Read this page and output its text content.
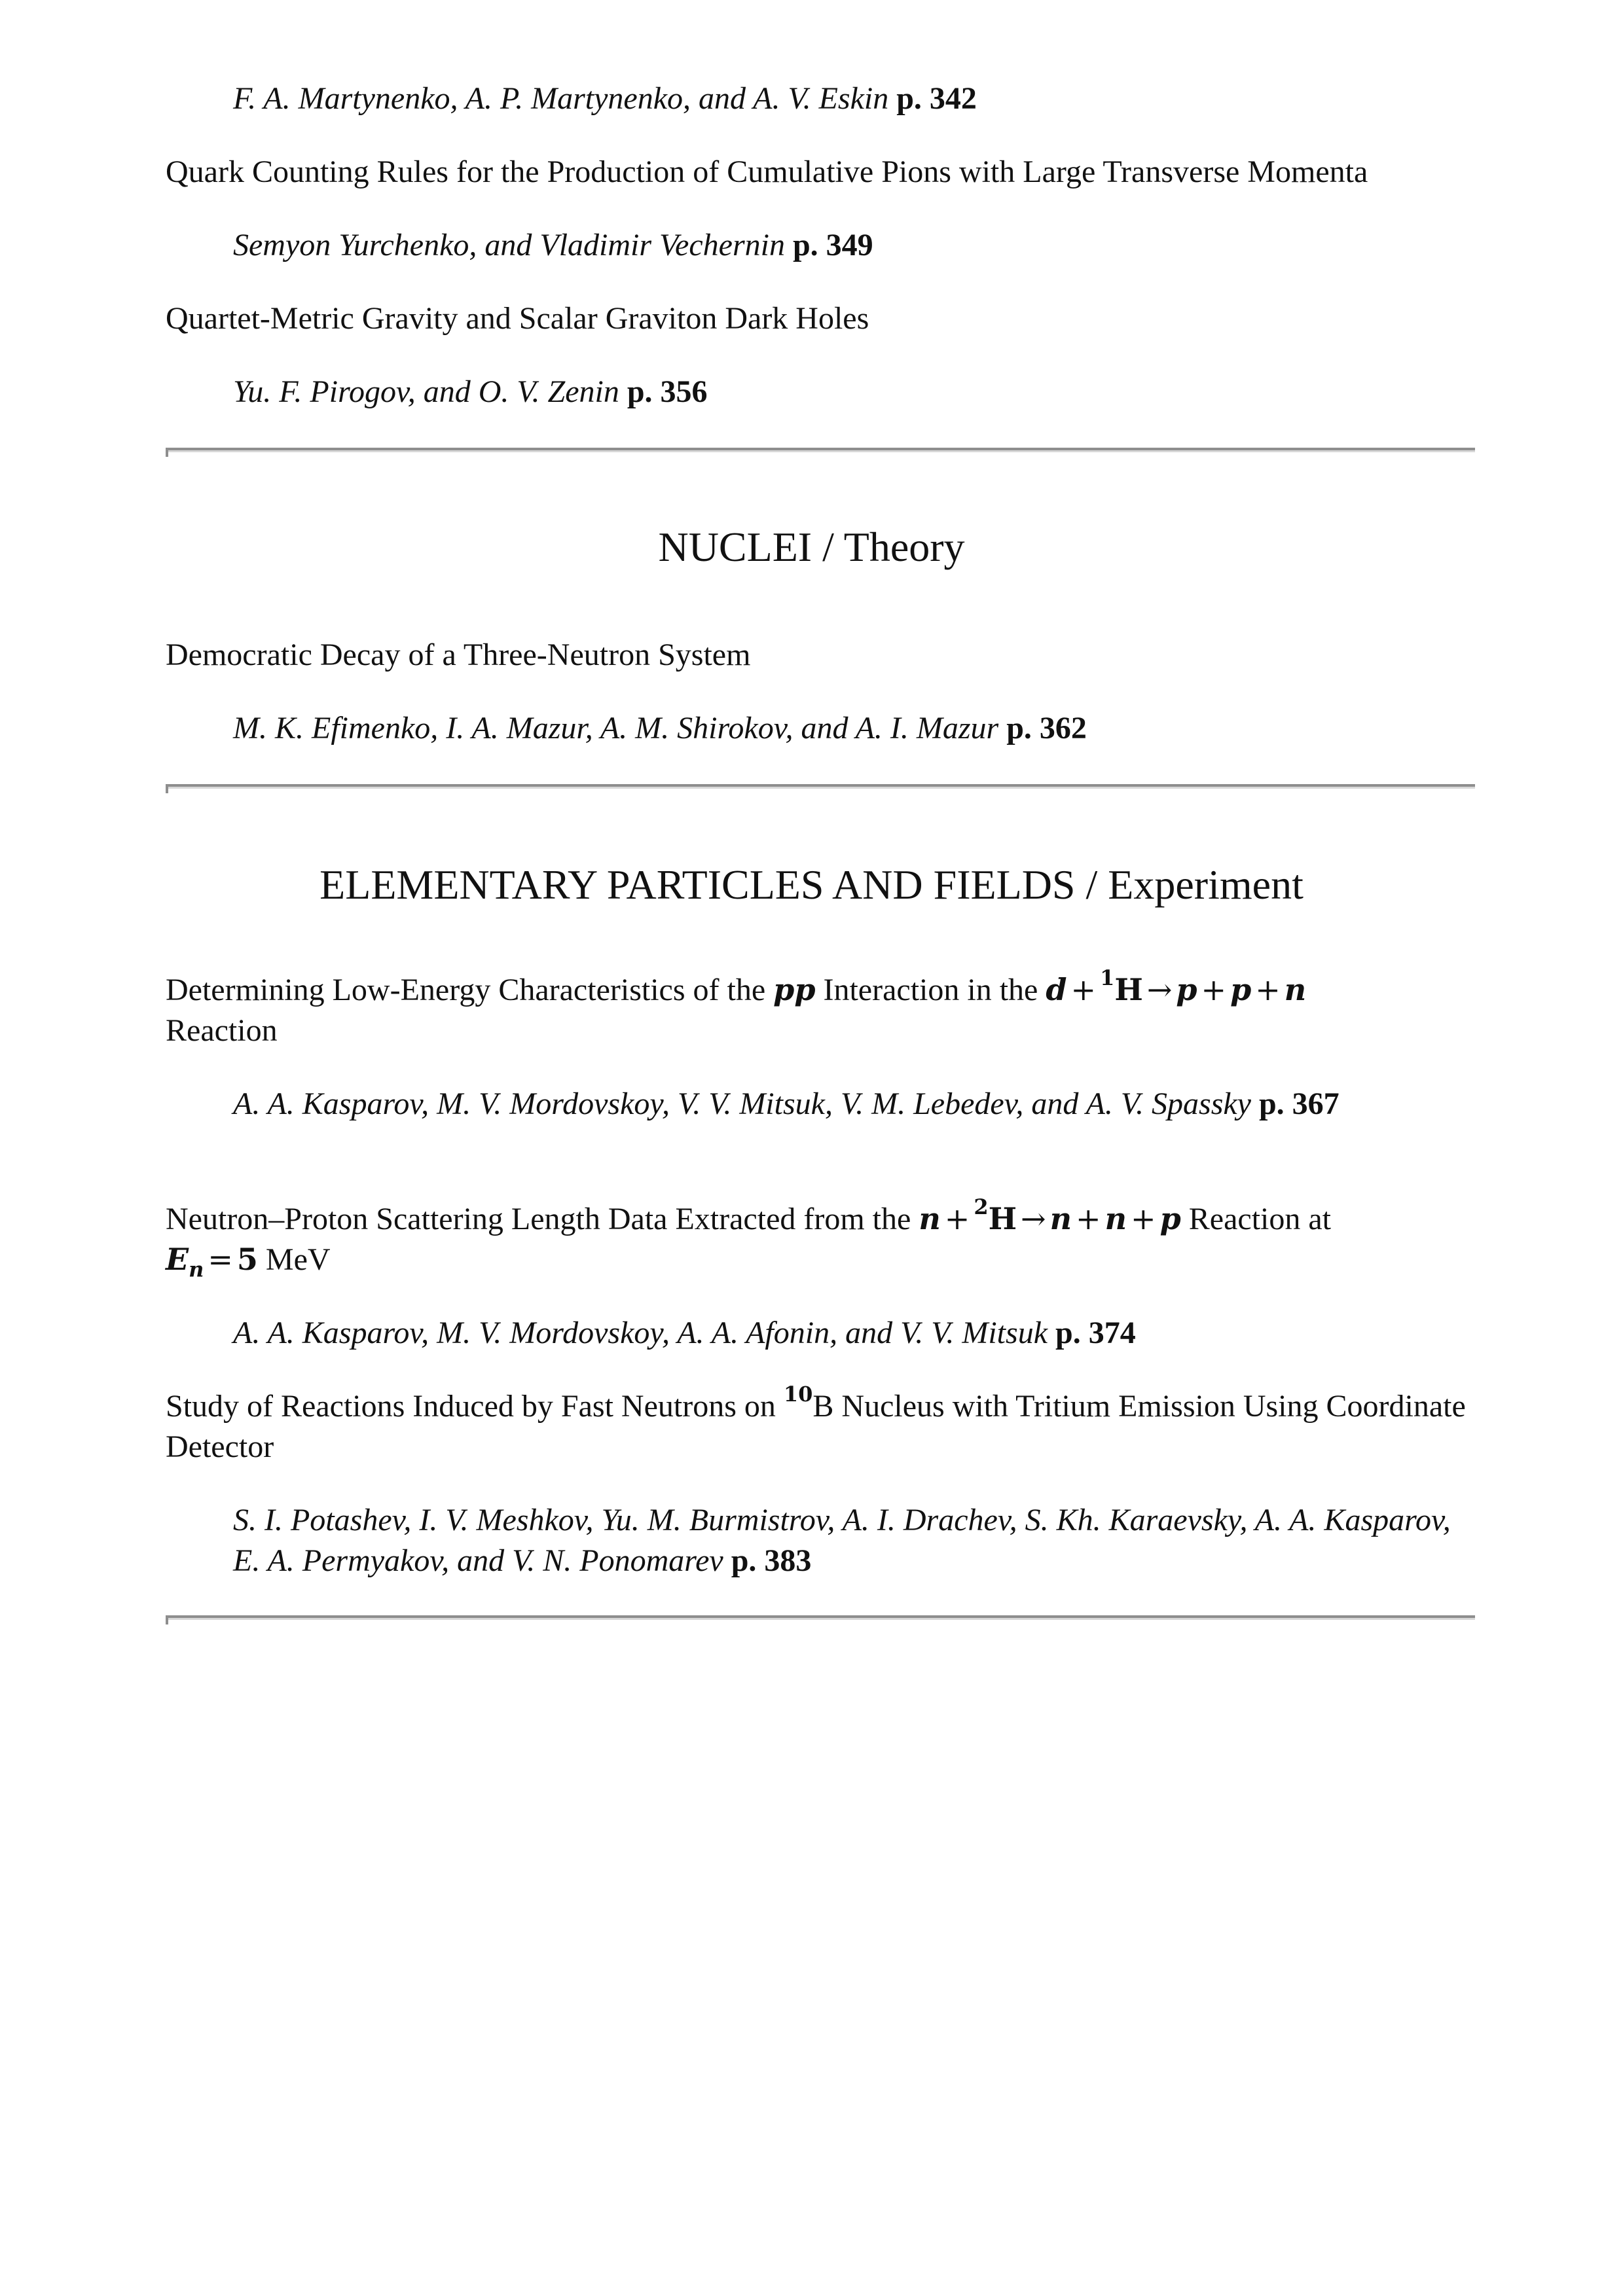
F. A. Martynenko, A. P. Martynenko, and A. V. Eskin p. 342

Quark Counting Rules for the Production of Cumulative Pions with Large Transverse Momenta

Semyon Yurchenko, and Vladimir Vechernin p. 349

Quartet-Metric Gravity and Scalar Graviton Dark Holes

Yu. F. Pirogov, and O. V. Zenin p. 356

NUCLEI / Theory

Democratic Decay of a Three-Neutron System

M. K. Efimenko, I. A. Mazur, A. M. Shirokov, and A. I. Mazur p. 362

ELEMENTARY PARTICLES AND FIELDS / Experiment

Determining Low-Energy Characteristics of the pp Interaction in the d + $^1$H → p + p + n
Reaction

A. A. Kasparov, M. V. Mordovskoy, V. V. Mitsuk, V. M. Lebedev, and A. V. Spassky p. 367

Neutron–Proton Scattering Length Data Extracted from the n + $^2$H → n + n + p Reaction at
$E_n = 5$ MeV

A. A. Kasparov, M. V. Mordovskoy, A. A. Afonin, and V. V. Mitsuk p. 374

Study of Reactions Induced by Fast Neutrons on $^{10}$B Nucleus with Tritium Emission Using Coordinate Detector

S. I. Potashev, I. V. Meshkov, Yu. M. Burmistrov, A. I. Drachev, S. Kh. Karaevsky, A. A. Kasparov, E. A. Permyakov, and V. N. Ponomarev p. 383
